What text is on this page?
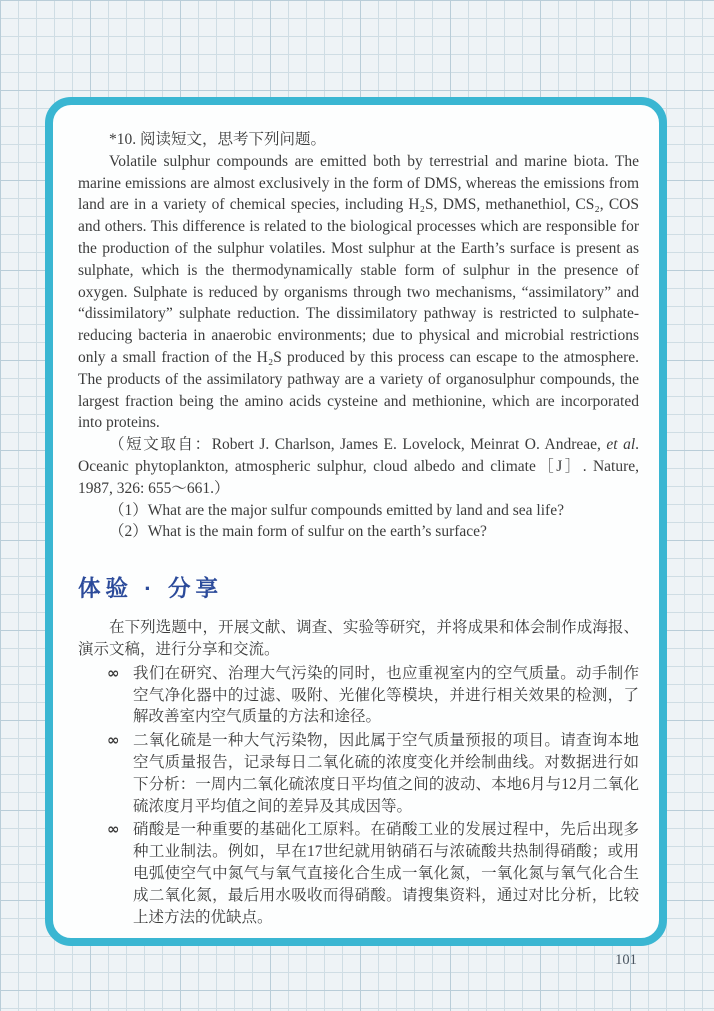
*10. 阅读短文，思考下列问题。

Volatile sulphur compounds are emitted both by terrestrial and marine biota. The marine emissions are almost exclusively in the form of DMS, whereas the emissions from land are in a variety of chemical species, including H₂S, DMS, methanethiol, CS₂, COS and others. This difference is related to the biological processes which are responsible for the production of the sulphur volatiles. Most sulphur at the Earth’s surface is present as sulphate, which is the thermodynamically stable form of sulphur in the presence of oxygen. Sulphate is reduced by organisms through two mechanisms, “assimilatory” and “dissimilatory” sulphate reduction. The dissimilatory pathway is restricted to sulphate-reducing bacteria in anaerobic environments; due to physical and microbial restrictions only a small fraction of the H₂S produced by this process can escape to the atmosphere. The products of the assimilatory pathway are a variety of organosulphur compounds, the largest fraction being the amino acids cysteine and methionine, which are incorporated into proteins.

（短文取自：Robert J. Charlson, James E. Lovelock, Meinrat O. Andreae, et al. Oceanic phytoplankton, atmospheric sulphur, cloud albedo and climate［J］. Nature, 1987, 326: 655～661.）

（1）What are the major sulfur compounds emitted by land and sea life?

（2）What is the main form of sulfur on the earth’s surface?

体验 · 分享

在下列选题中，开展文献、调查、实验等研究，并将成果和体会制作成海报、演示文稿，进行分享和交流。

∞ 我们在研究、治理大气污染的同时，也应重视室内的空气质量。动手制作空气净化器中的过滤、吸附、光催化等模块，并进行相关效果的检测，了解改善室内空气质量的方法和途径。

∞ 二氧化硫是一种大气污染物，因此属于空气质量预报的项目。请查询本地空气质量报告，记录每日二氧化硫的浓度变化并绘制曲线。对数据进行如下分析：一周内二氧化硫浓度日平均值之间的波动、本地6月与12月二氧化硫浓度月平均值之间的差异及其成因等。

∞ 硝酸是一种重要的基础化工原料。在硝酸工业的发展过程中，先后出现多种工业制法。例如，早在17世纪就用钠硝石与浓硫酸共热制得硝酸；或用电弧使空气中氮气与氧气直接化合生成一氧化氮，一氧化氮与氧气化合生成二氧化氮，最后用水吸收而得硝酸。请搜集资料，通过对比分析，比较上述方法的优缺点。

101
